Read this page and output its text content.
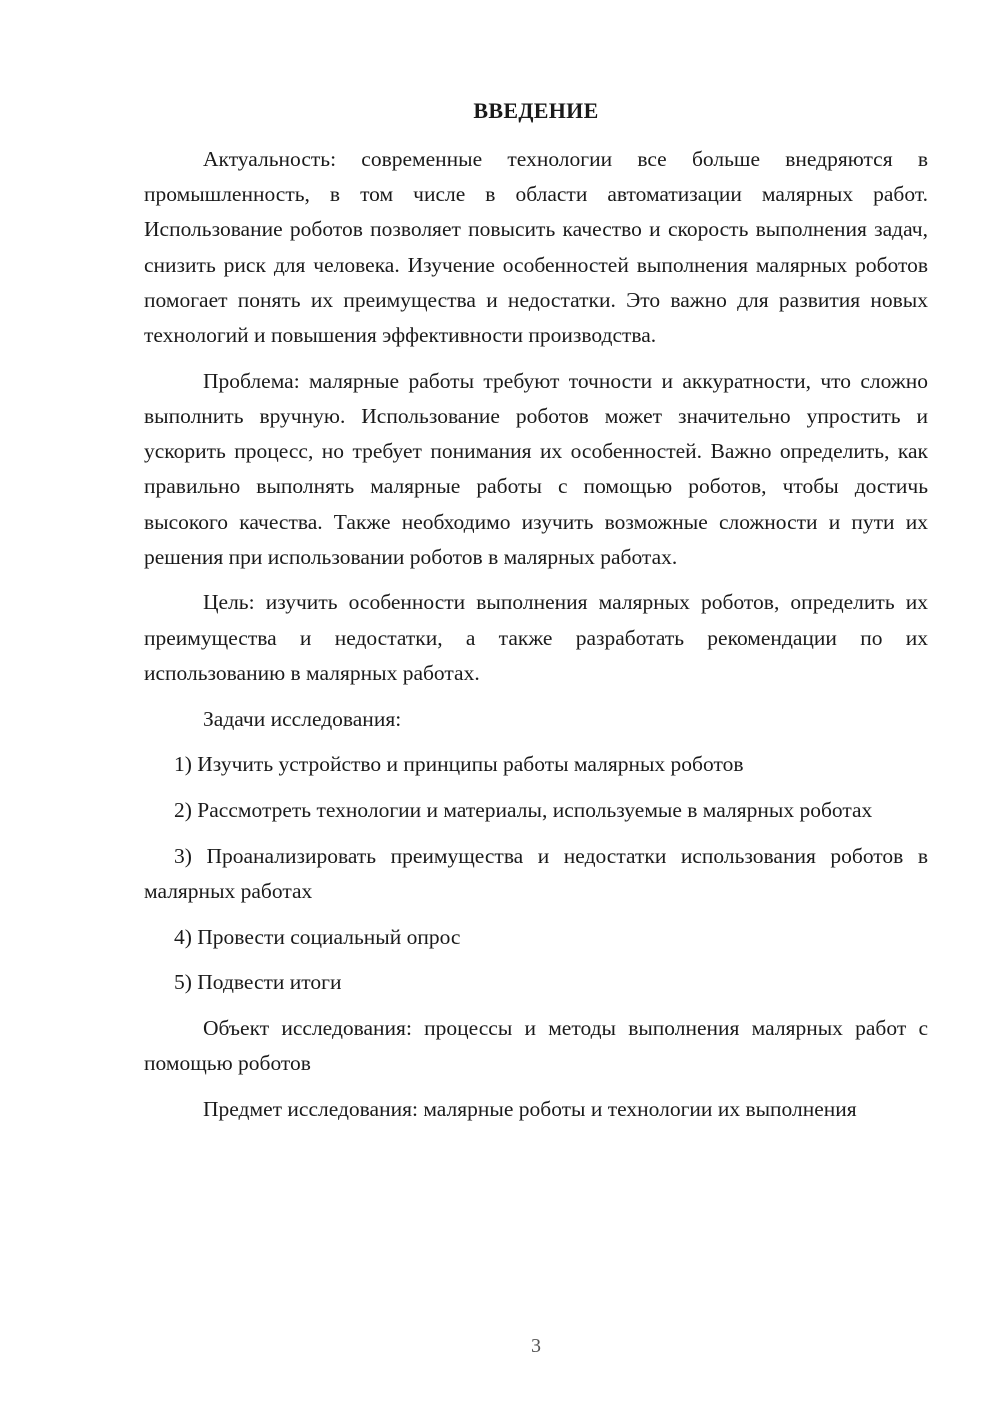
ВВЕДЕНИЕ

Актуальность: современные технологии все больше внедряются в промышленность, в том числе в области автоматизации малярных работ. Использование роботов позволяет повысить качество и скорость выполнения задач, снизить риск для человека. Изучение особенностей выполнения малярных роботов помогает понять их преимущества и недостатки. Это важно для развития новых технологий и повышения эффективности производства.

Проблема: малярные работы требуют точности и аккуратности, что сложно выполнить вручную. Использование роботов может значительно упростить и ускорить процесс, но требует понимания их особенностей. Важно определить, как правильно выполнять малярные работы с помощью роботов, чтобы достичь высокого качества. Также необходимо изучить возможные сложности и пути их решения при использовании роботов в малярных работах.

Цель: изучить особенности выполнения малярных роботов, определить их преимущества и недостатки, а также разработать рекомендации по их использованию в малярных работах.

Задачи исследования:

1) Изучить устройство и принципы работы малярных роботов

2) Рассмотреть технологии и материалы, используемые в малярных роботах

3) Проанализировать преимущества и недостатки использования роботов в малярных работах

4) Провести социальный опрос

5) Подвести итоги

Объект исследования: процессы и методы выполнения малярных работ с помощью роботов

Предмет исследования: малярные роботы и технологии их выполнения

3
